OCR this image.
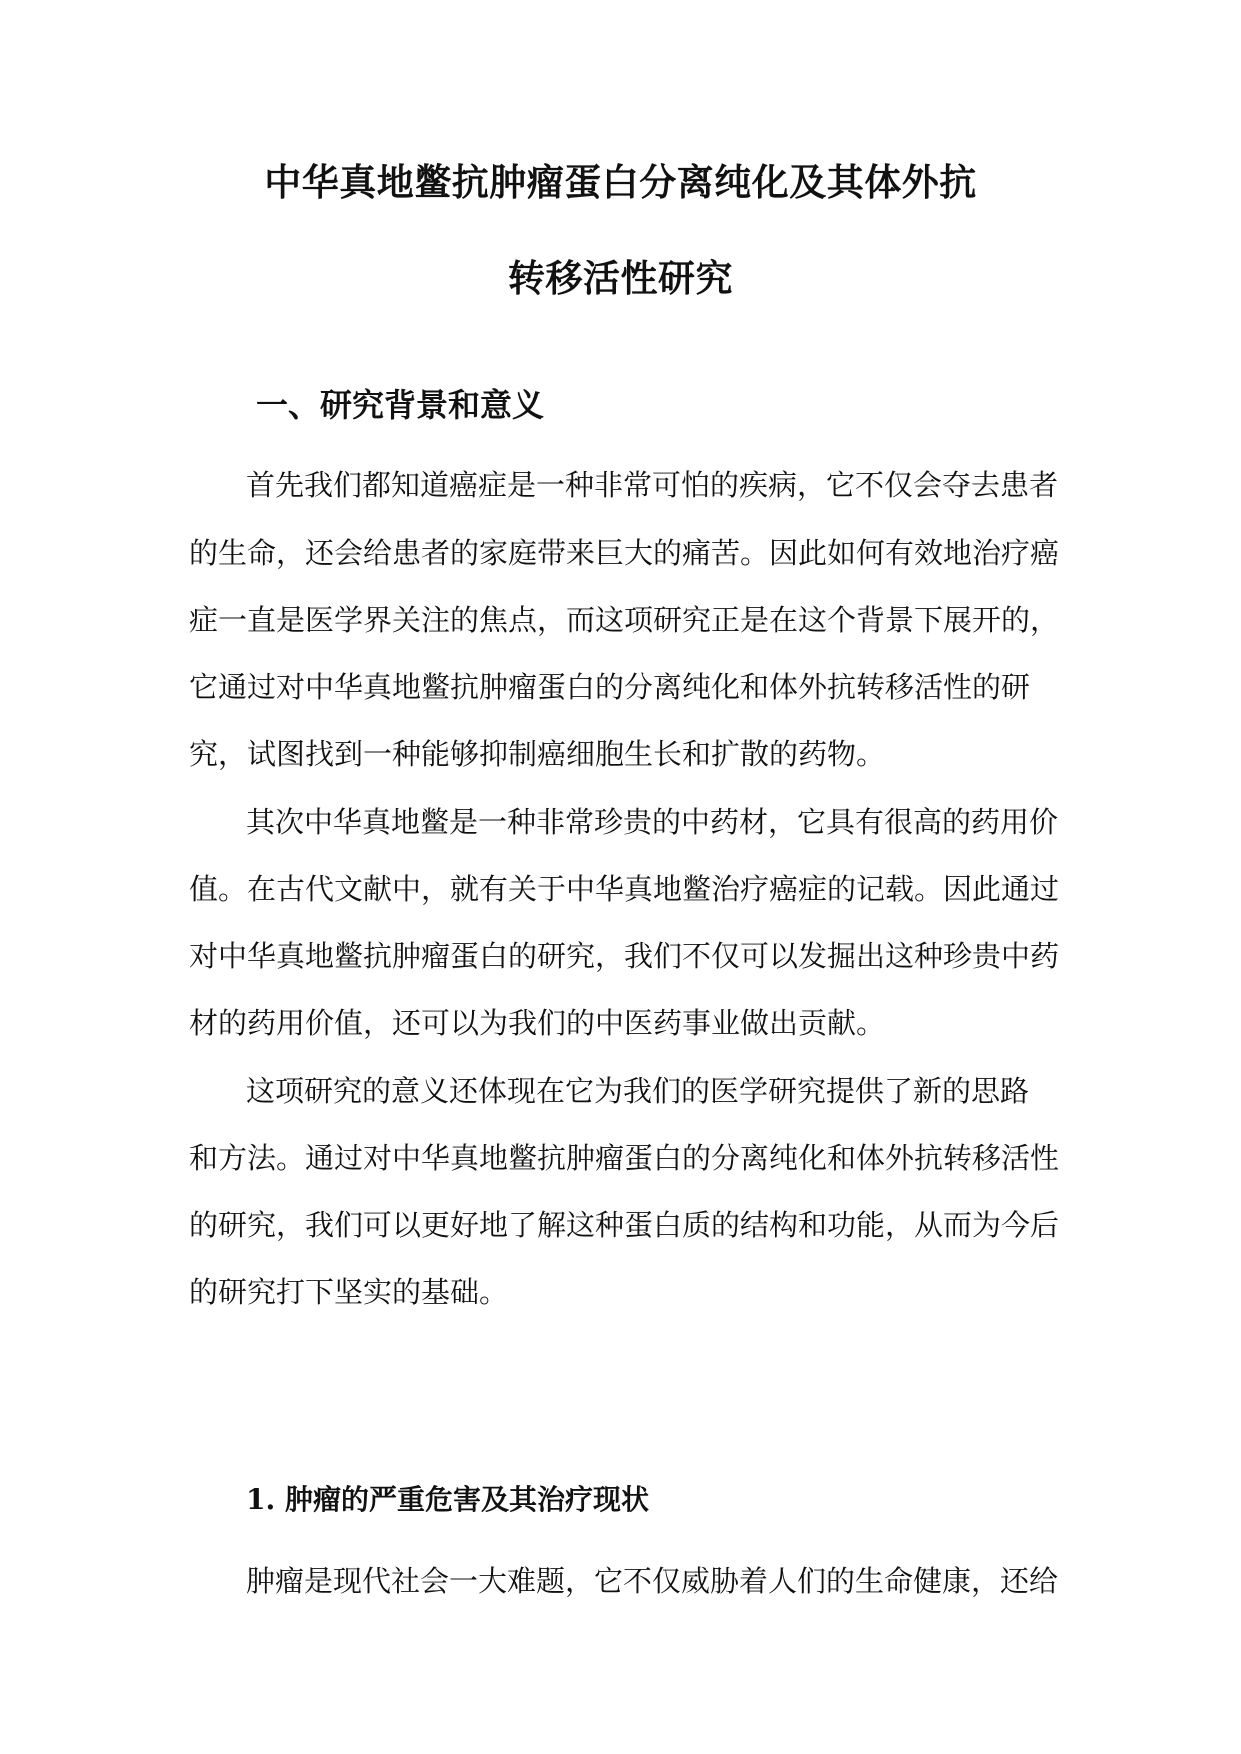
中华真地鳖抗肿瘤蛋白分离纯化及其体外抗
转移活性研究
一、研究背景和意义

首先我们都知道癌症是一种非常可怕的疾病，它不仅会夺去患者

的生命，还会给患者的家庭带来巨大的痛苦。因此如何有效地治疗癌

症一直是医学界关注的焦点，而这项研究正是在这个背景下展开的，

它通过对中华真地鳖抗肿瘤蛋白的分离纯化和体外抗转移活性的研

究，试图找到一种能够抑制癌细胞生长和扩散的药物。

其次中华真地鳖是一种非常珍贵的中药材，它具有很高的药用价

值。在古代文献中，就有关于中华真地鳖治疗癌症的记载。因此通过

对中华真地鳖抗肿瘤蛋白的研究，我们不仅可以发掘出这种珍贵中药

材的药用价值，还可以为我们的中医药事业做出贡献。

这项研究的意义还体现在它为我们的医学研究提供了新的思路

和方法。通过对中华真地鳖抗肿瘤蛋白的分离纯化和体外抗转移活性

的研究，我们可以更好地了解这种蛋白质的结构和功能，从而为今后

的研究打下坚实的基础。

1. 肿瘤的严重危害及其治疗现状

肿瘤是现代社会一大难题，它不仅威胁着人们的生命健康，还给
